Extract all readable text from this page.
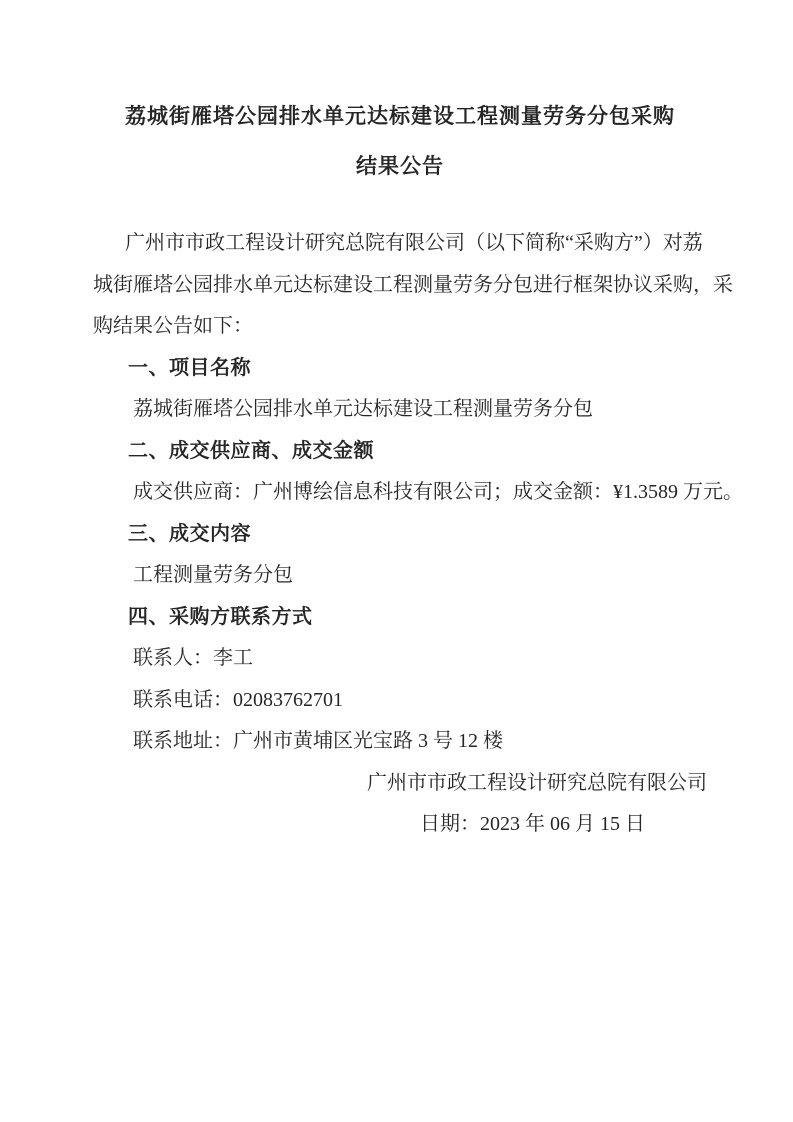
荔城街雁塔公园排水单元达标建设工程测量劳务分包采购
结果公告
广州市市政工程设计研究总院有限公司（以下简称“采购方”）对荔
城街雁塔公园排水单元达标建设工程测量劳务分包进行框架协议采购，采
购结果公告如下：
一、项目名称
荔城街雁塔公园排水单元达标建设工程测量劳务分包
二、成交供应商、成交金额
成交供应商：广州博绘信息科技有限公司；成交金额：¥1.3589 万元。
三、成交内容
工程测量劳务分包
四、采购方联系方式
联系人：李工
联系电话：02083762701
联系地址：广州市黄埔区光宝路 3 号 12 楼
广州市市政工程设计研究总院有限公司
日期：2023 年 06 月 15 日
